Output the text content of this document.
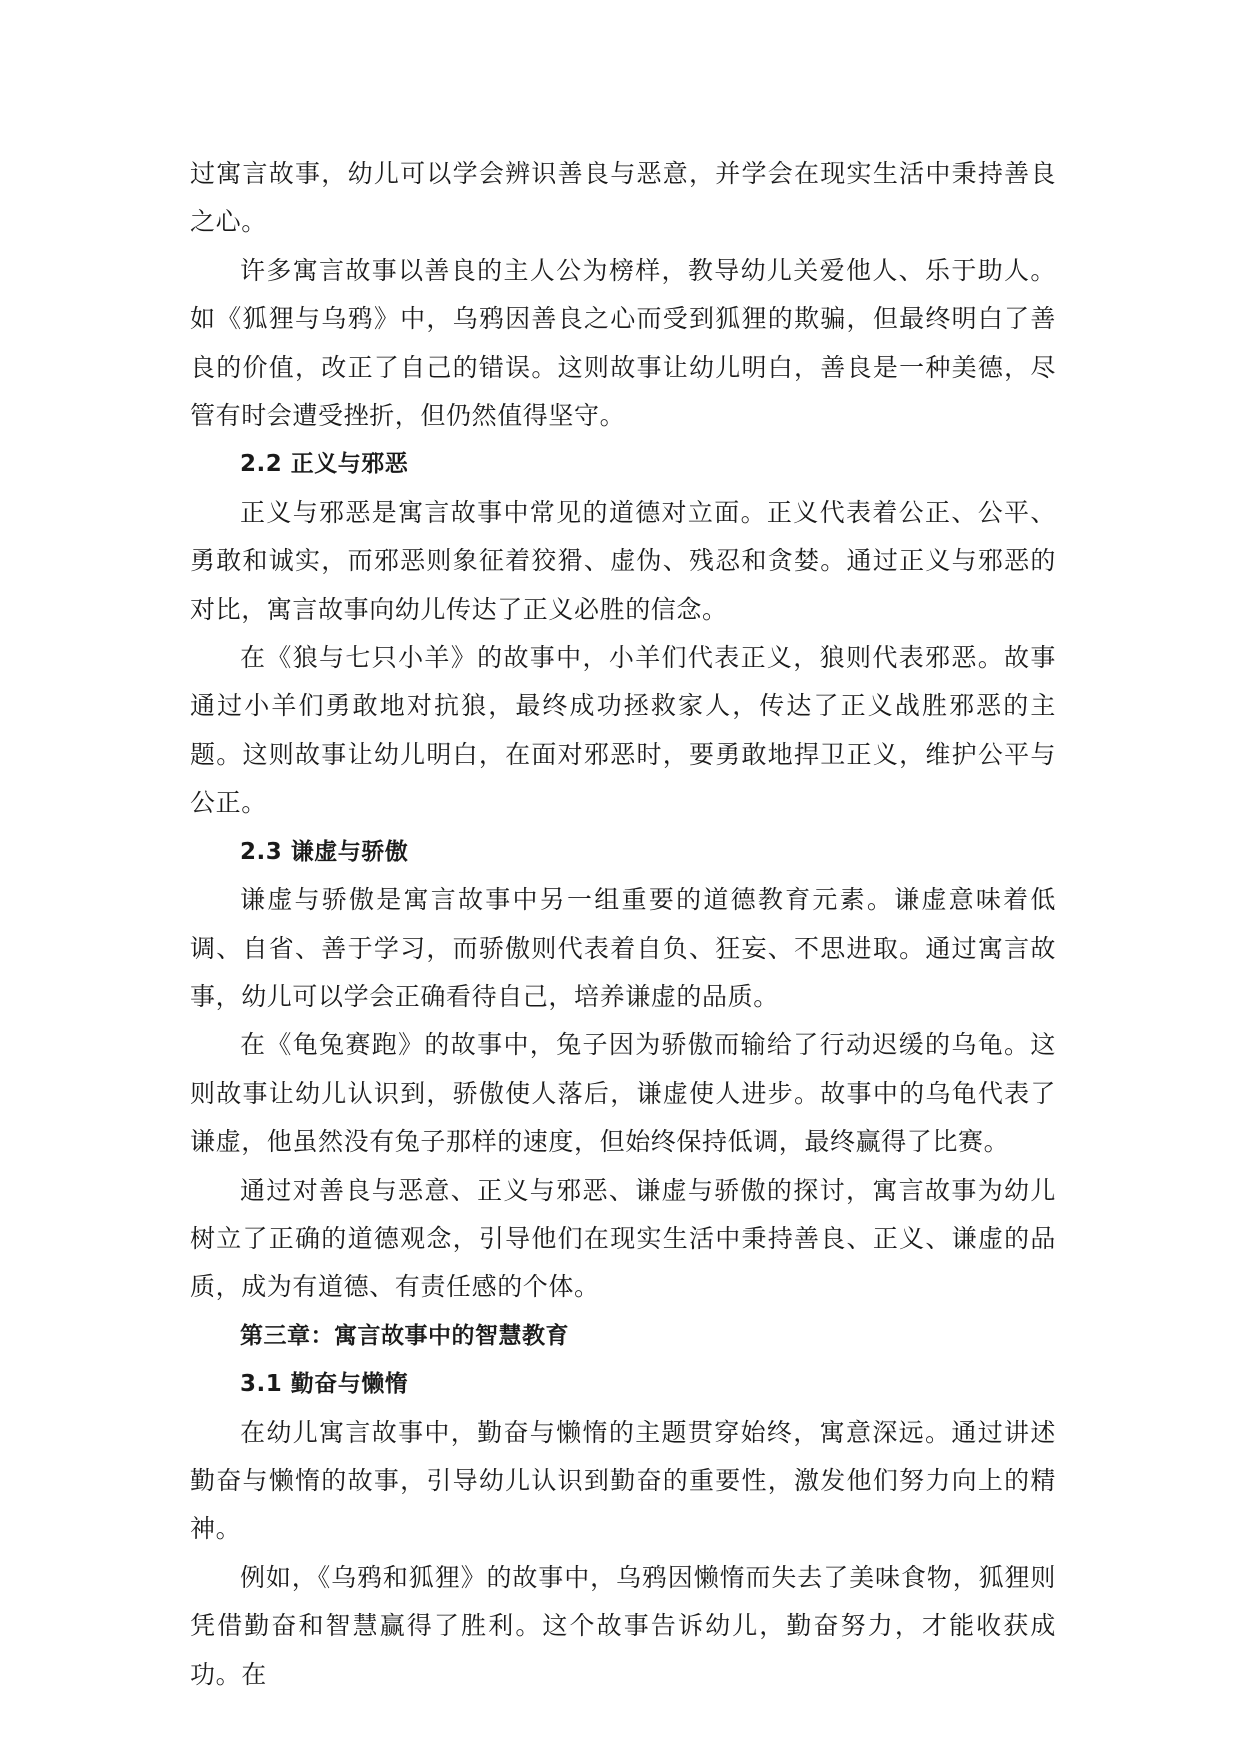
过寓言故事，幼儿可以学会辨识善良与恶意，并学会在现实生活中秉持善良之心。

许多寓言故事以善良的主人公为榜样，教导幼儿关爱他人、乐于助人。如《狐狸与乌鸦》中，乌鸦因善良之心而受到狐狸的欺骗，但最终明白了善良的价值，改正了自己的错误。这则故事让幼儿明白，善良是一种美德，尽管有时会遭受挫折，但仍然值得坚守。

2.2 正义与邪恶

正义与邪恶是寓言故事中常见的道德对立面。正义代表着公正、公平、勇敢和诚实，而邪恶则象征着狡猾、虚伪、残忍和贪婪。通过正义与邪恶的对比，寓言故事向幼儿传达了正义必胜的信念。

在《狼与七只小羊》的故事中，小羊们代表正义，狼则代表邪恶。故事通过小羊们勇敢地对抗狼，最终成功拯救家人，传达了正义战胜邪恶的主题。这则故事让幼儿明白，在面对邪恶时，要勇敢地捍卫正义，维护公平与公正。

2.3 谦虚与骄傲

谦虚与骄傲是寓言故事中另一组重要的道德教育元素。谦虚意味着低调、自省、善于学习，而骄傲则代表着自负、狂妄、不思进取。通过寓言故事，幼儿可以学会正确看待自己，培养谦虚的品质。

在《龟兔赛跑》的故事中，兔子因为骄傲而输给了行动迟缓的乌龟。这则故事让幼儿认识到，骄傲使人落后，谦虚使人进步。故事中的乌龟代表了谦虚，他虽然没有兔子那样的速度，但始终保持低调，最终赢得了比赛。

通过对善良与恶意、正义与邪恶、谦虚与骄傲的探讨，寓言故事为幼儿树立了正确的道德观念，引导他们在现实生活中秉持善良、正义、谦虚的品质，成为有道德、有责任感的个体。

第三章：寓言故事中的智慧教育
3.1 勤奋与懒惰

在幼儿寓言故事中，勤奋与懒惰的主题贯穿始终，寓意深远。通过讲述勤奋与懒惰的故事，引导幼儿认识到勤奋的重要性，激发他们努力向上的精神。

例如，《乌鸦和狐狸》的故事中，乌鸦因懒惰而失去了美味食物，狐狸则凭借勤奋和智慧赢得了胜利。这个故事告诉幼儿，勤奋努力，才能收获成功。在
